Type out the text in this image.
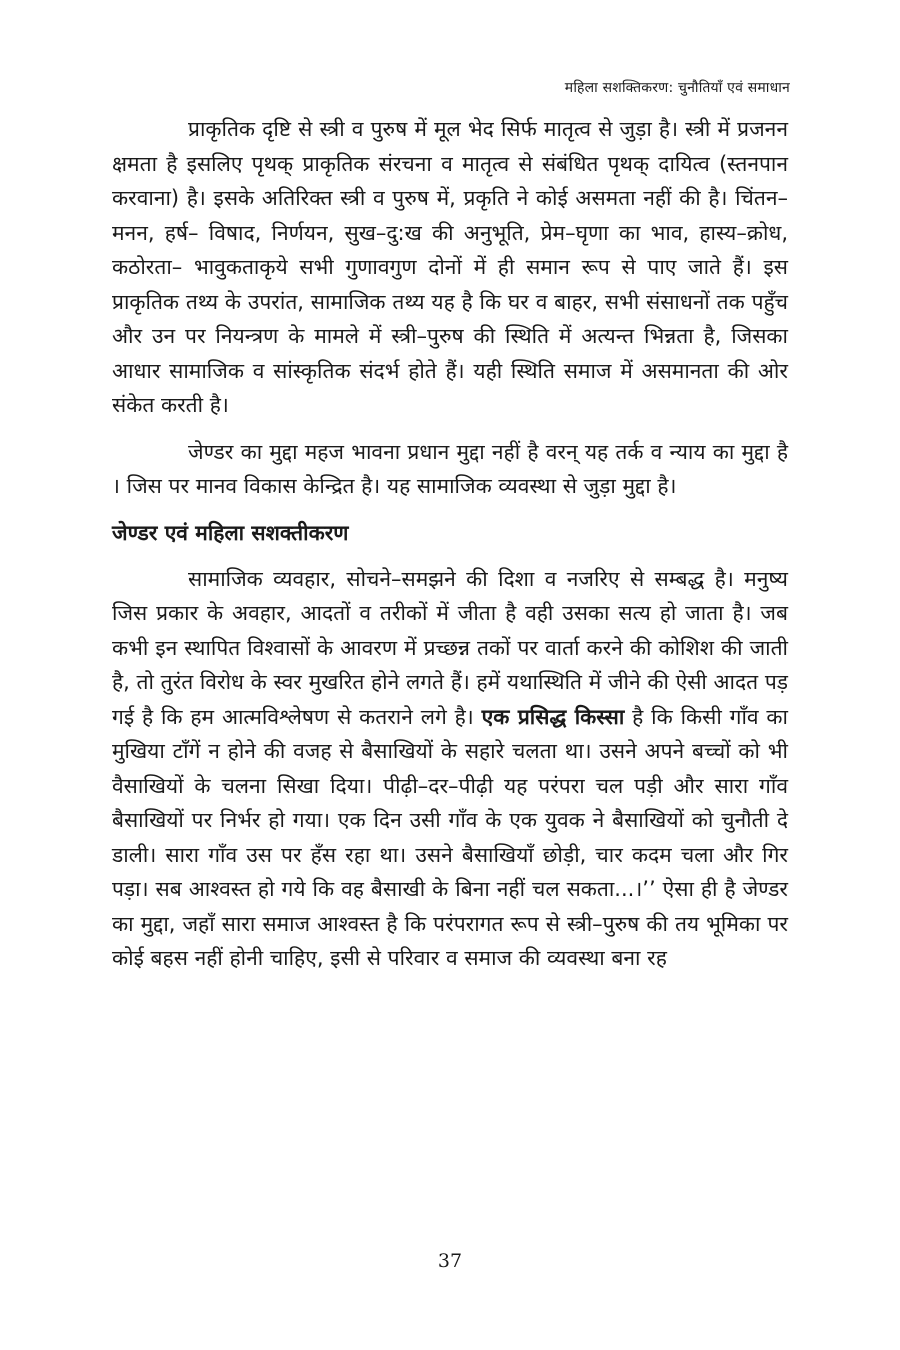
महिला सशक्तिकरण: चुनौतियाँ एवं समाधान

प्राकृतिक दृष्टि से स्त्री व पुरुष में मूल भेद सिर्फ मातृत्व से जुड़ा है। स्त्री में प्रजनन क्षमता है इसलिए पृथक् प्राकृतिक संरचना व मातृत्व से संबंधित पृथक् दायित्व (स्तनपान करवाना) है। इसके अतिरिक्त स्त्री व पुरुष में, प्रकृति ने कोई असमता नहीं की है। चिंतन–मनन, हर्ष– विषाद, निर्णयन, सुख–दु:ख की अनुभूति, प्रेम–घृणा का भाव, हास्य–क्रोध, कठोरता– भावुकताकृये सभी गुणावगुण दोनों में ही समान रूप से पाए जाते हैं। इस प्राकृतिक तथ्य के उपरांत, सामाजिक तथ्य यह है कि घर व बाहर, सभी संसाधनों तक पहुँच और उन पर नियन्त्रण के मामले में स्त्री–पुरुष की स्थिति में अत्यन्त भिन्नता है, जिसका आधार सामाजिक व सांस्कृतिक संदर्भ होते हैं। यही स्थिति समाज में असमानता की ओर संकेत करती है।

जेण्डर का मुद्दा महज भावना प्रधान मुद्दा नहीं है वरन् यह तर्क व न्याय का मुद्दा है । जिस पर मानव विकास केन्द्रित है। यह सामाजिक व्यवस्था से जुड़ा मुद्दा है।

जेण्डर एवं महिला सशक्तीकरण

सामाजिक व्यवहार, सोचने–समझने की दिशा व नजरिए से सम्बद्ध है। मनुष्य जिस प्रकार के अवहार, आदतों व तरीकों में जीता है वही उसका सत्य हो जाता है। जब कभी इन स्थापित विश्वासों के आवरण में प्रच्छन्न तकों पर वार्ता करने की कोशिश की जाती है, तो तुरंत विरोध के स्वर मुखरित होने लगते हैं। हमें यथास्थिति में जीने की ऐसी आदत पड़ गई है कि हम आत्मविश्लेषण से कतराने लगे है। एक प्रसिद्ध किस्सा है कि किसी गाँव का मुखिया टाँगें न होने की वजह से बैसाखियों के सहारे चलता था। उसने अपने बच्चों को भी वैसाखियों के चलना सिखा दिया। पीढ़ी–दर–पीढ़ी यह परंपरा चल पड़ी और सारा गाँव बैसाखियों पर निर्भर हो गया। एक दिन उसी गाँव के एक युवक ने बैसाखियों को चुनौती दे डाली। सारा गाँव उस पर हँस रहा था। उसने बैसाखियाँ छोड़ी, चार कदम चला और गिर पड़ा। सब आश्वस्त हो गये कि वह बैसाखी के बिना नहीं चल सकता...।’’ ऐसा ही है जेण्डर का मुद्दा, जहाँ सारा समाज आश्वस्त है कि परंपरागत रूप से स्त्री–पुरुष की तय भूमिका पर कोई बहस नहीं होनी चाहिए, इसी से परिवार व समाज की व्यवस्था बना रह

37
